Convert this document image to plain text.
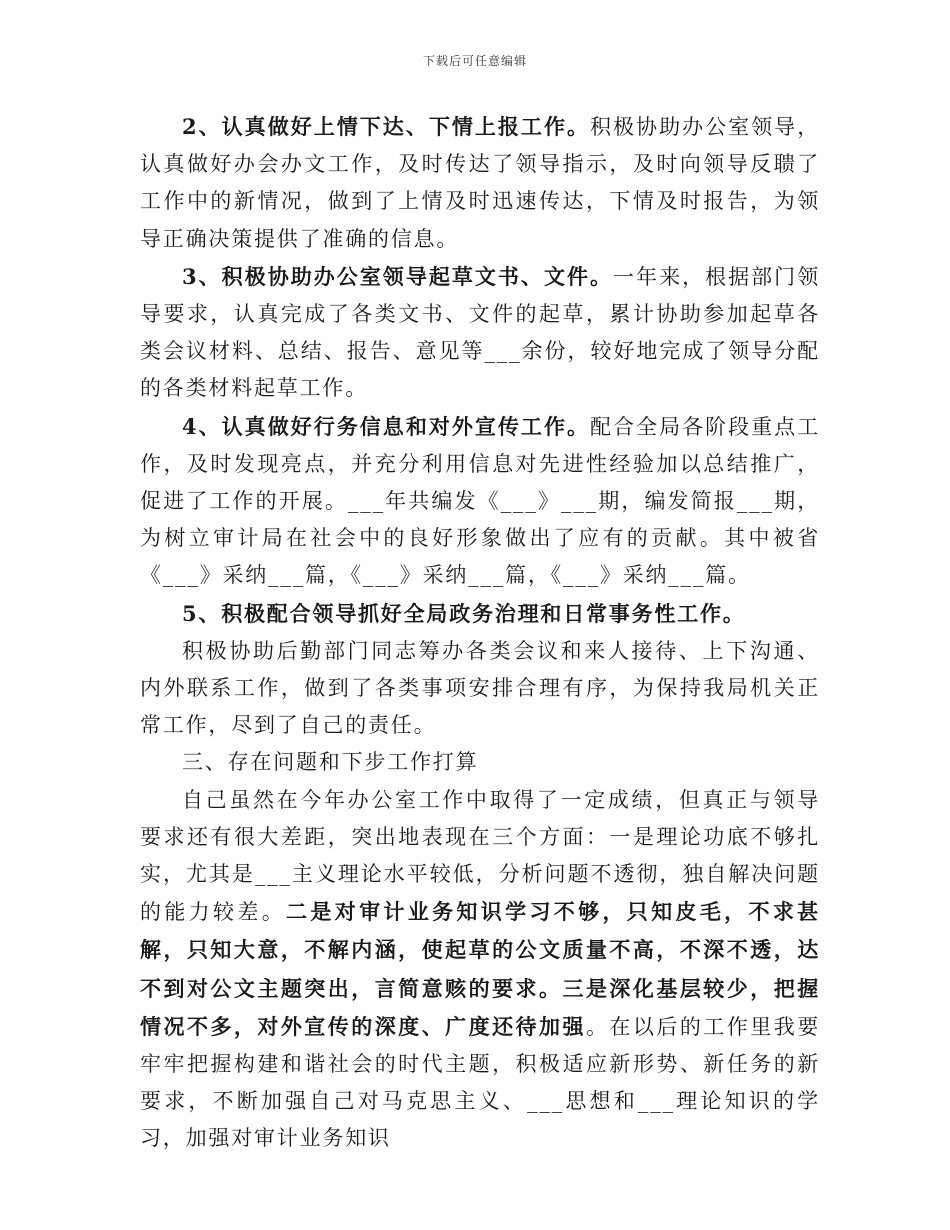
下载后可任意编辑

2、认真做好上情下达、下情上报工作。积极协助办公室领导，认真做好办会办文工作，及时传达了领导指示，及时向领导反聩了工作中的新情况，做到了上情及时迅速传达，下情及时报告，为领导正确决策提供了准确的信息。

3、积极协助办公室领导起草文书、文件。一年来，根据部门领导要求，认真完成了各类文书、文件的起草，累计协助参加起草各类会议材料、总结、报告、意见等___余份，较好地完成了领导分配的各类材料起草工作。

4、认真做好行务信息和对外宣传工作。配合全局各阶段重点工作，及时发现亮点，并充分利用信息对先进性经验加以总结推广，促进了工作的开展。___年共编发《___》___期，编发简报___期，为树立审计局在社会中的良好形象做出了应有的贡献。其中被省《___》采纳___篇，《___》采纳___篇，《___》采纳___篇。

5、积极配合领导抓好全局政务治理和日常事务性工作。

积极协助后勤部门同志筹办各类会议和来人接待、上下沟通、内外联系工作，做到了各类事项安排合理有序，为保持我局机关正常工作，尽到了自己的责任。

三、存在问题和下步工作打算

自己虽然在今年办公室工作中取得了一定成绩，但真正与领导要求还有很大差距，突出地表现在三个方面：一是理论功底不够扎实，尤其是___主义理论水平较低，分析问题不透彻，独自解决问题的能力较差。二是对审计业务知识学习不够，只知皮毛，不求甚解，只知大意，不解内涵，使起草的公文质量不高，不深不透，达不到对公文主题突出，言简意赅的要求。三是深化基层较少，把握情况不多，对外宣传的深度、广度还待加强。在以后的工作里我要牢牢把握构建和谐社会的时代主题，积极适应新形势、新任务的新要求，不断加强自己对马克思主义、___思想和___理论知识的学习，加强对审计业务知识
